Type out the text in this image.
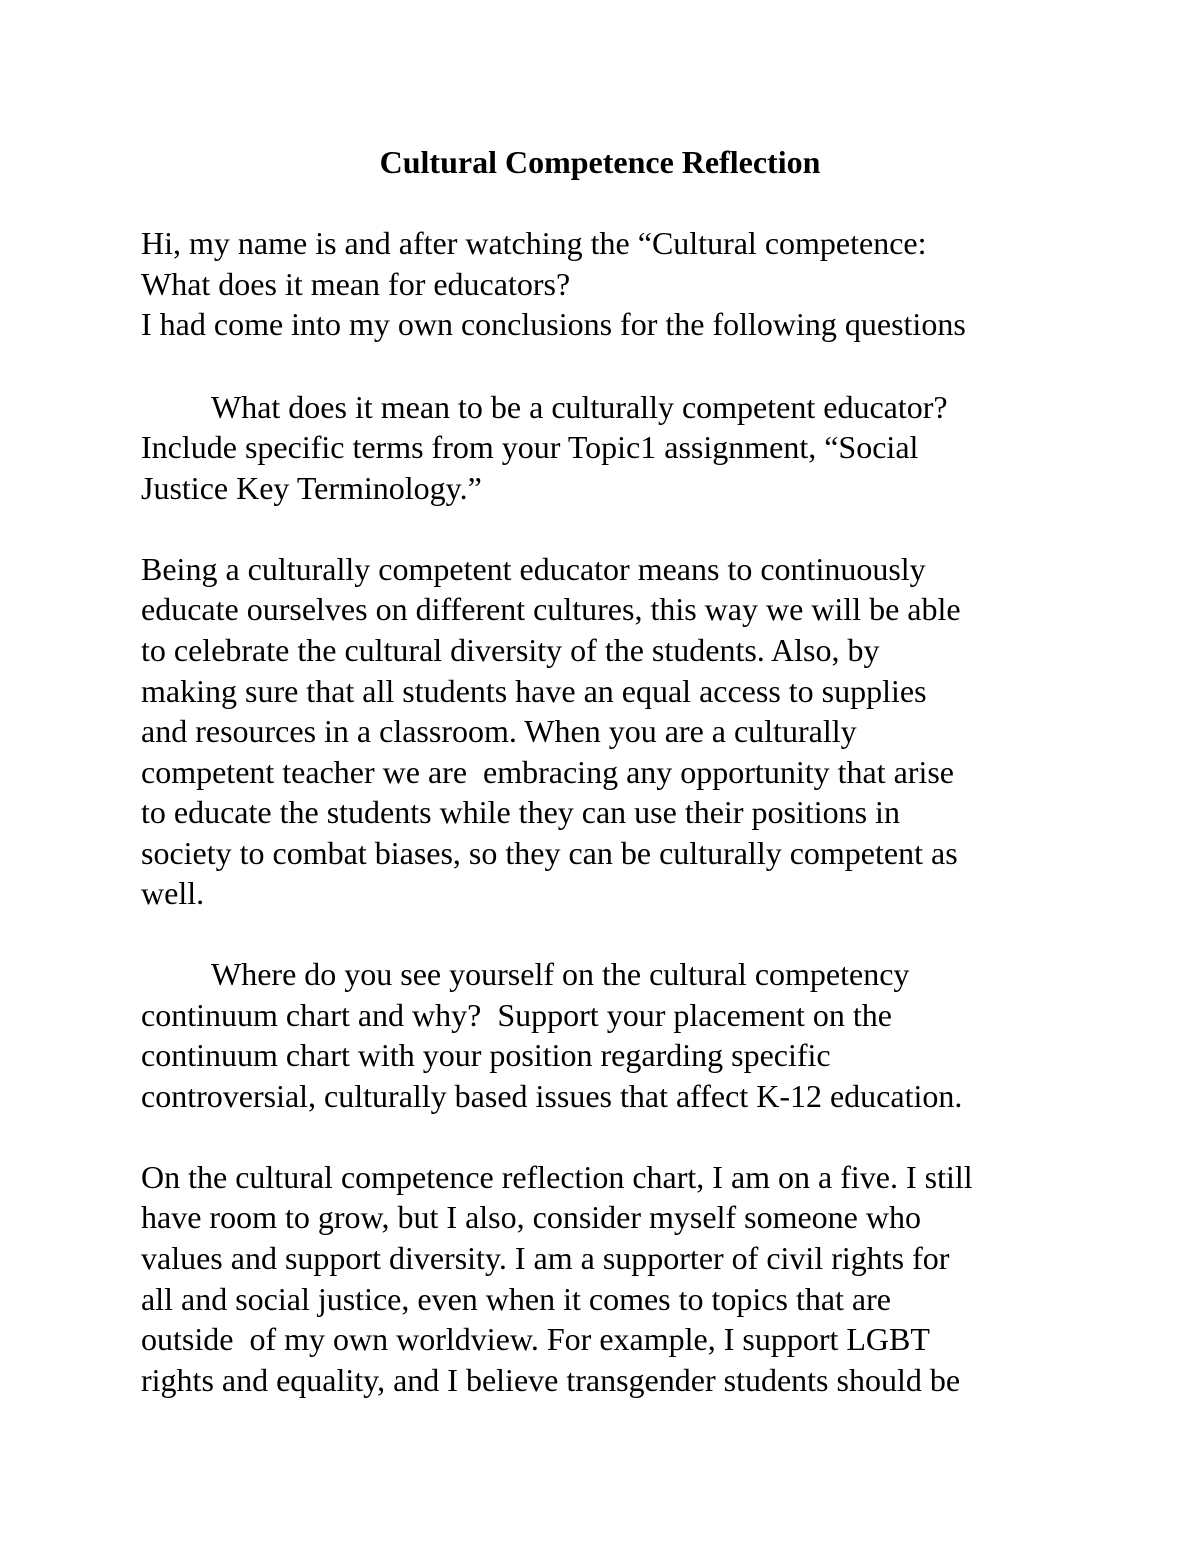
Cultural Competence Reflection

Hi, my name is and after watching the “Cultural competence:

What does it mean for educators?

I had come into my own conclusions for the following questions

What does it mean to be a culturally competent educator?

Include specific terms from your Topic1 assignment, “Social

Justice Key Terminology.”

Being a culturally competent educator means to continuously

educate ourselves on different cultures, this way we will be able

to celebrate the cultural diversity of the students. Also, by

making sure that all students have an equal access to supplies

and resources in a classroom. When you are a culturally

competent teacher we are  embracing any opportunity that arise

to educate the students while they can use their positions in

society to combat biases, so they can be culturally competent as

well.

Where do you see yourself on the cultural competency

continuum chart and why?  Support your placement on the

continuum chart with your position regarding specific

controversial, culturally based issues that affect K-12 education.

On the cultural competence reflection chart, I am on a five. I still

have room to grow, but I also, consider myself someone who

values and support diversity. I am a supporter of civil rights for

all and social justice, even when it comes to topics that are

outside  of my own worldview. For example, I support LGBT

rights and equality, and I believe transgender students should be
